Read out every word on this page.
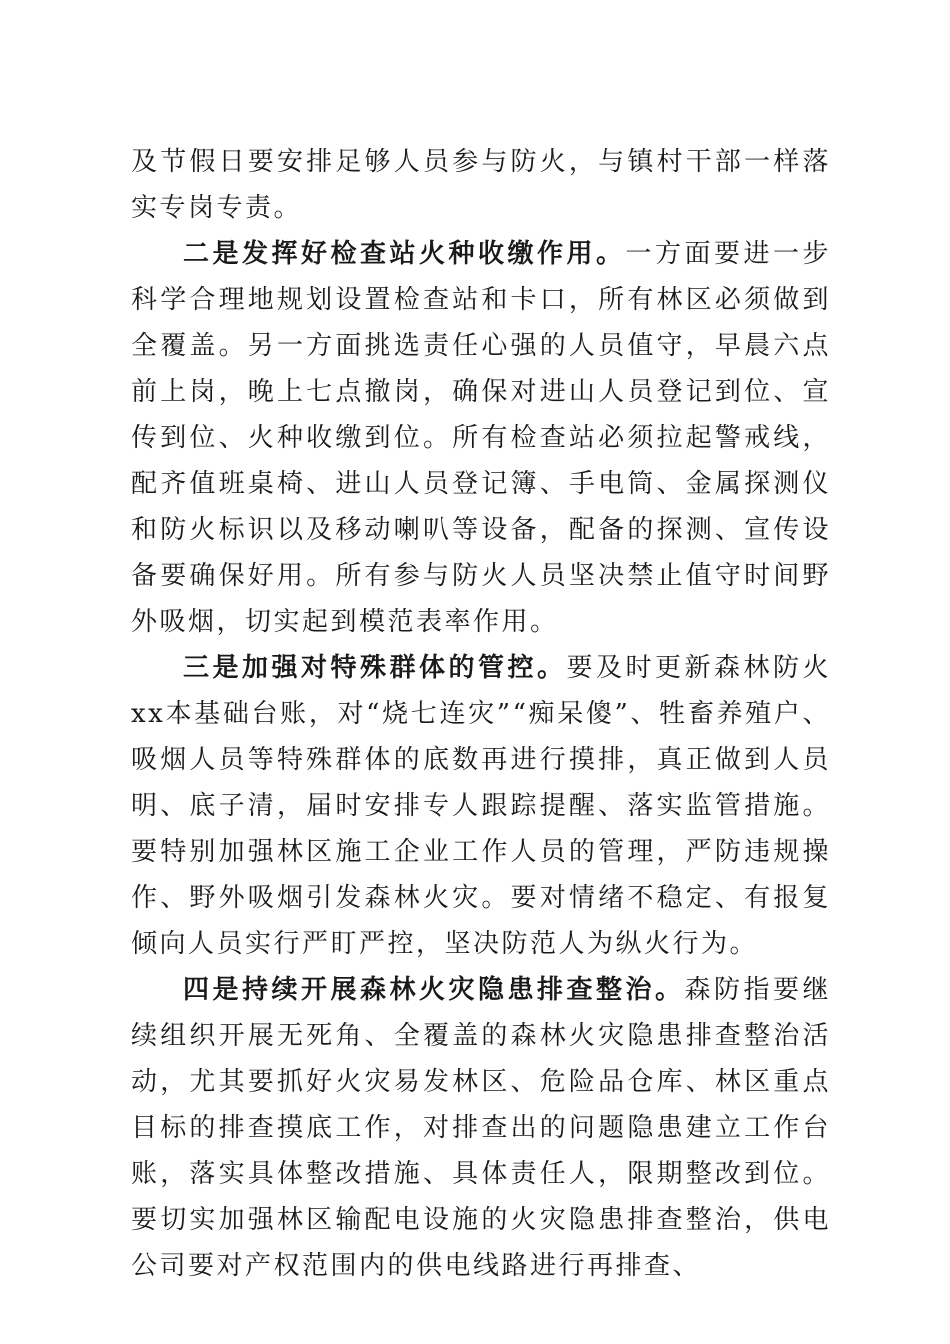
及节假日要安排足够人员参与防火，与镇村干部一样落实专岗专责。

二是发挥好检查站火种收缴作用。一方面要进一步科学合理地规划设置检查站和卡口，所有林区必须做到全覆盖。另一方面挑选责任心强的人员值守，早晨六点前上岗，晚上七点撤岗，确保对进山人员登记到位、宣传到位、火种收缴到位。所有检查站必须拉起警戒线，配齐值班桌椅、进山人员登记簿、手电筒、金属探测仪和防火标识以及移动喇叭等设备，配备的探测、宣传设备要确保好用。所有参与防火人员坚决禁止值守时间野外吸烟，切实起到模范表率作用。

三是加强对特殊群体的管控。要及时更新森林防火xx本基础台账，对“烧七连灾”“痴呆傻”、牲畜养殖户、吸烟人员等特殊群体的底数再进行摸排，真正做到人员明、底子清，届时安排专人跟踪提醒、落实监管措施。要特别加强林区施工企业工作人员的管理，严防违规操作、野外吸烟引发森林火灾。要对情绪不稳定、有报复倾向人员实行严盯严控，坚决防范人为纵火行为。

四是持续开展森林火灾隐患排查整治。森防指要继续组织开展无死角、全覆盖的森林火灾隐患排查整治活动，尤其要抓好火灾易发林区、危险品仓库、林区重点目标的排查摸底工作，对排查出的问题隐患建立工作台账，落实具体整改措施、具体责任人，限期整改到位。要切实加强林区输配电设施的火灾隐患排查整治，供电公司要对产权范围内的供电线路进行再排查、
